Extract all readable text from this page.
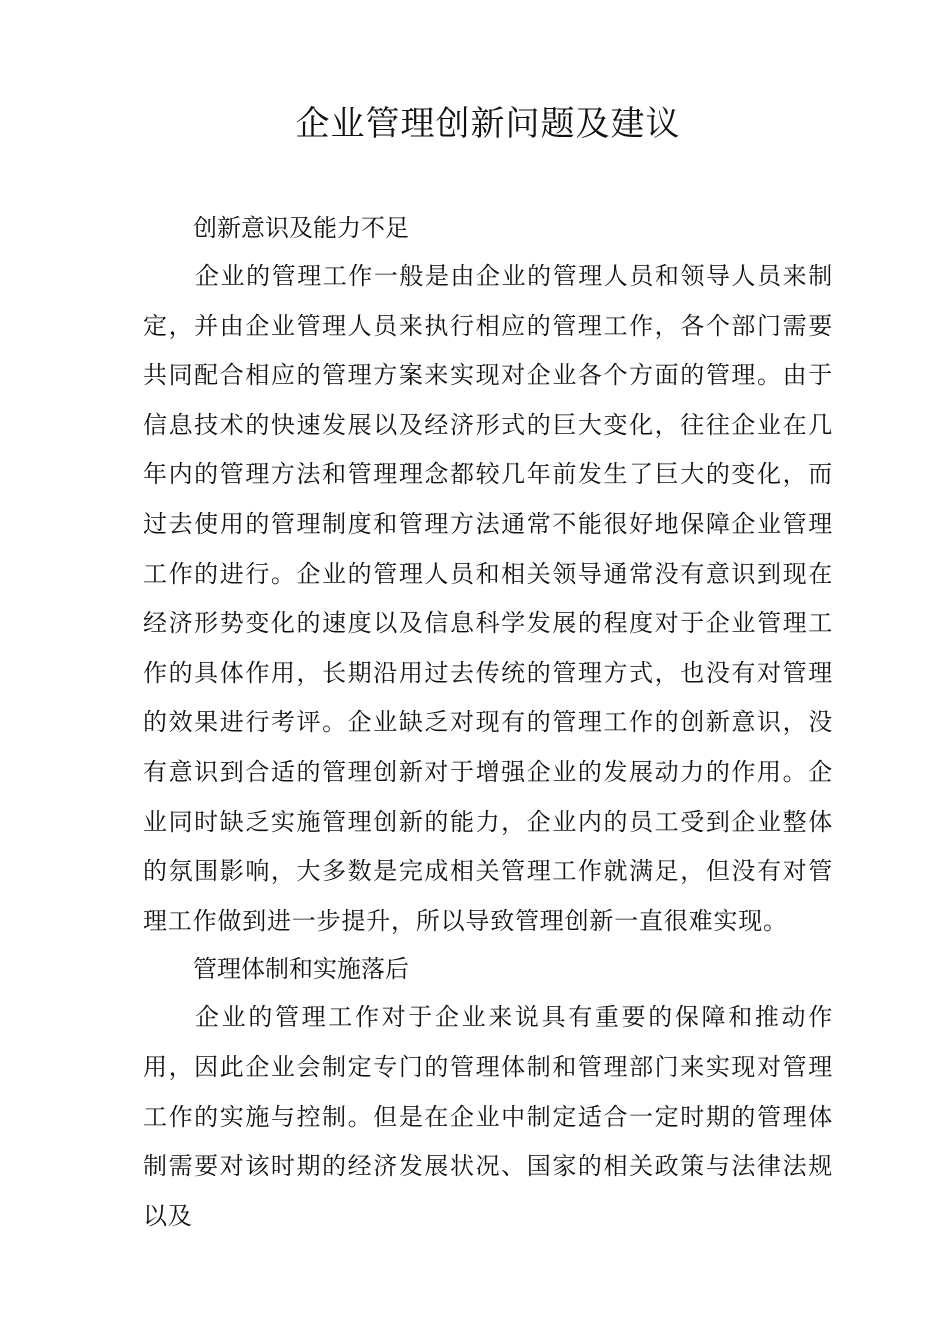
企业管理创新问题及建议
创新意识及能力不足
企业的管理工作一般是由企业的管理人员和领导人员来制定，并由企业管理人员来执行相应的管理工作，各个部门需要共同配合相应的管理方案来实现对企业各个方面的管理。由于信息技术的快速发展以及经济形式的巨大变化，往往企业在几年内的管理方法和管理理念都较几年前发生了巨大的变化，而过去使用的管理制度和管理方法通常不能很好地保障企业管理工作的进行。企业的管理人员和相关领导通常没有意识到现在经济形势变化的速度以及信息科学发展的程度对于企业管理工作的具体作用，长期沿用过去传统的管理方式，也没有对管理的效果进行考评。企业缺乏对现有的管理工作的创新意识，没有意识到合适的管理创新对于增强企业的发展动力的作用。企业同时缺乏实施管理创新的能力，企业内的员工受到企业整体的氛围影响，大多数是完成相关管理工作就满足，但没有对管理工作做到进一步提升，所以导致管理创新一直很难实现。
管理体制和实施落后
企业的管理工作对于企业来说具有重要的保障和推动作用，因此企业会制定专门的管理体制和管理部门来实现对管理工作的实施与控制。但是在企业中制定适合一定时期的管理体制需要对该时期的经济发展状况、国家的相关政策与法律法规以及
